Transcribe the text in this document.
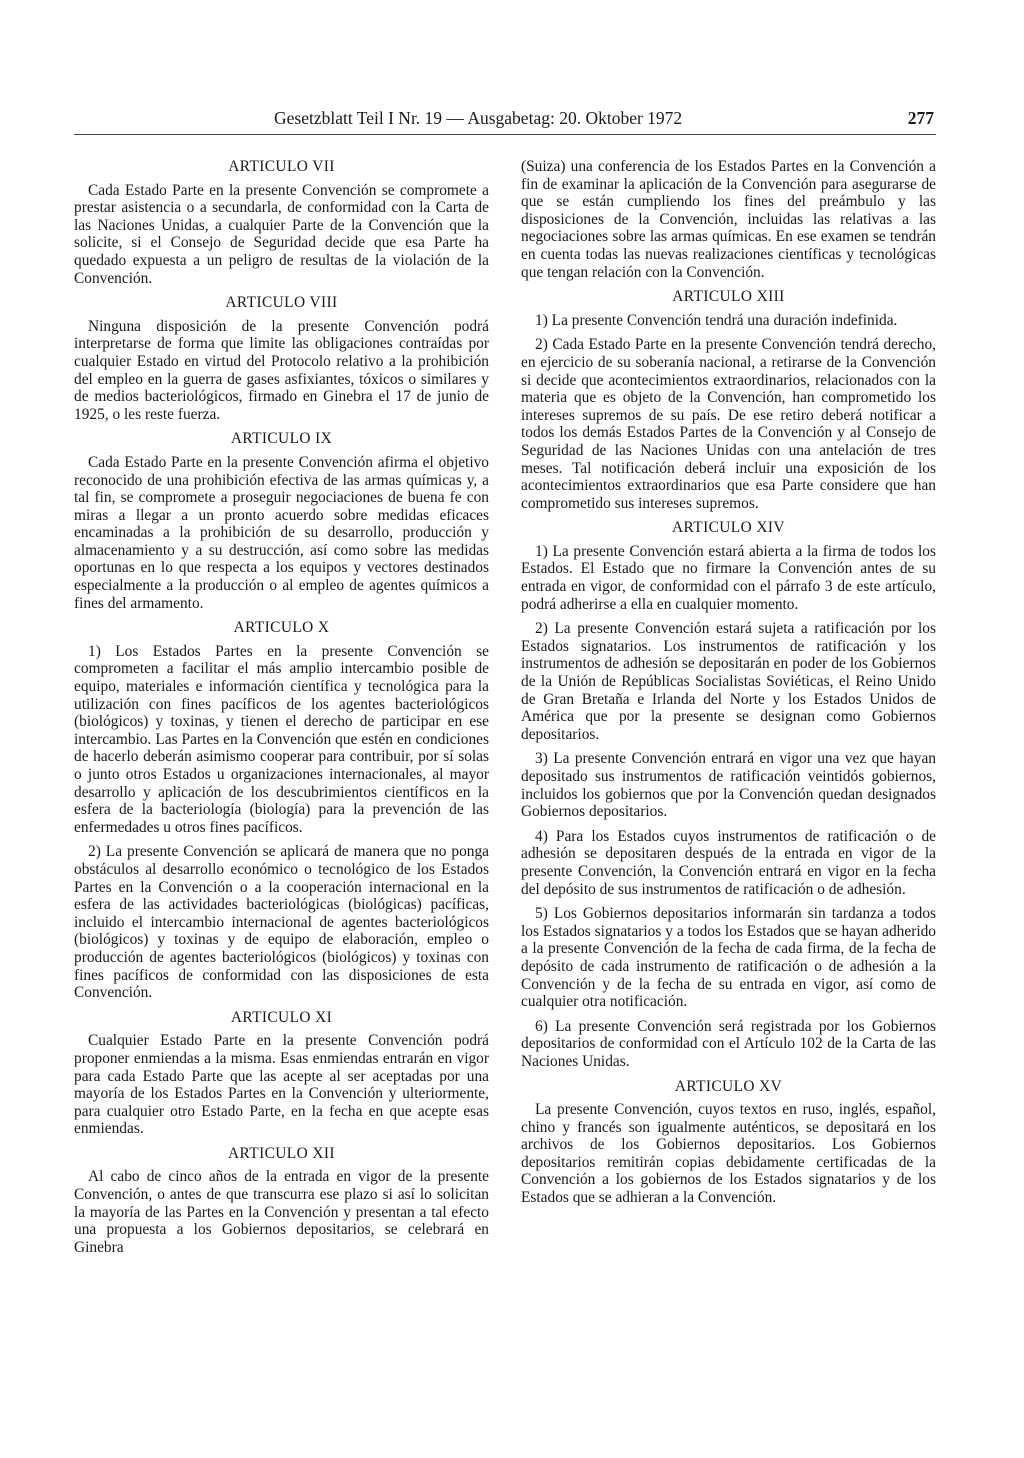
Gesetzblatt Teil I Nr. 19 — Ausgabetag: 20. Oktober 1972	277
ARTICULO VII
Cada Estado Parte en la presente Convención se compromete a prestar asistencia o a secundarla, de conformidad con la Carta de las Naciones Unidas, a cualquier Parte de la Convención que la solicite, si el Consejo de Seguridad decide que esa Parte ha quedado expuesta a un peligro de resultas de la violación de la Convención.
ARTICULO VIII
Ninguna disposición de la presente Convención podrá interpretarse de forma que limite las obligaciones contraídas por cualquier Estado en virtud del Protocolo relativo a la prohibición del empleo en la guerra de gases asfixiantes, tóxicos o similares y de medios bacteriológicos, firmado en Ginebra el 17 de junio de 1925, o les reste fuerza.
ARTICULO IX
Cada Estado Parte en la presente Convención afirma el objetivo reconocido de una prohibición efectiva de las armas químicas y, a tal fin, se compromete a proseguir negociaciones de buena fe con miras a llegar a un pronto acuerdo sobre medidas eficaces encaminadas a la prohibición de su desarrollo, producción y almacenamiento y a su destrucción, así como sobre las medidas oportunas en lo que respecta a los equipos y vectores destinados especialmente a la producción o al empleo de agentes químicos a fines del armamento.
ARTICULO X
1) Los Estados Partes en la presente Convención se comprometen a facilitar el más amplio intercambio posible de equipo, materiales e información científica y tecnológica para la utilización con fines pacíficos de los agentes bacteriológicos (biológicos) y toxinas, y tienen el derecho de participar en ese intercambio. Las Partes en la Convención que estén en condiciones de hacerlo deberán asimismo cooperar para contribuir, por sí solas o junto otros Estados u organizaciones internacionales, al mayor desarrollo y aplicación de los descubrimientos científicos en la esfera de la bacteriología (biología) para la prevención de las enfermedades u otros fines pacíficos.
2) La presente Convención se aplicará de manera que no ponga obstáculos al desarrollo económico o tecnológico de los Estados Partes en la Convención o a la cooperación internacional en la esfera de las actividades bacteriológicas (biológicas) pacíficas, incluido el intercambio internacional de agentes bacteriológicos (biológicos) y toxinas y de equipo de elaboración, empleo o producción de agentes bacteriológicos (biológicos) y toxinas con fines pacíficos de conformidad con las disposiciones de esta Convención.
ARTICULO XI
Cualquier Estado Parte en la presente Convención podrá proponer enmiendas a la misma. Esas enmiendas entrarán en vigor para cada Estado Parte que las acepte al ser aceptadas por una mayoría de los Estados Partes en la Convención y ulteriormente, para cualquier otro Estado Parte, en la fecha en que acepte esas enmiendas.
ARTICULO XII
Al cabo de cinco años de la entrada en vigor de la presente Convención, o antes de que transcurra ese plazo si así lo solicitan la mayoría de las Partes en la Convención y presentan a tal efecto una propuesta a los Gobiernos depositarios, se celebrará en Ginebra
(Suiza) una conferencia de los Estados Partes en la Convención a fin de examinar la aplicación de la Convención para asegurarse de que se están cumpliendo los fines del preámbulo y las disposiciones de la Convención, incluidas las relativas a las negociaciones sobre las armas químicas. En ese examen se tendrán en cuenta todas las nuevas realizaciones científicas y tecnológicas que tengan relación con la Convención.
ARTICULO XIII
1) La presente Convención tendrá una duración indefinida.
2) Cada Estado Parte en la presente Convención tendrá derecho, en ejercicio de su soberanía nacional, a retirarse de la Convención si decide que acontecimientos extraordinarios, relacionados con la materia que es objeto de la Convención, han comprometido los intereses supremos de su país. De ese retiro deberá notificar a todos los demás Estados Partes de la Convención y al Consejo de Seguridad de las Naciones Unidas con una antelación de tres meses. Tal notificación deberá incluir una exposición de los acontecimientos extraordinarios que esa Parte considere que han comprometido sus intereses supremos.
ARTICULO XIV
1) La presente Convención estará abierta a la firma de todos los Estados. El Estado que no firmare la Convención antes de su entrada en vigor, de conformidad con el párrafo 3 de este artículo, podrá adherirse a ella en cualquier momento.
2) La presente Convención estará sujeta a ratificación por los Estados signatarios. Los instrumentos de ratificación y los instrumentos de adhesión se depositarán en poder de los Gobiernos de la Unión de Repúblicas Socialistas Soviéticas, el Reino Unido de Gran Bretaña e Irlanda del Norte y los Estados Unidos de América que por la presente se designan como Gobiernos depositarios.
3) La presente Convención entrará en vigor una vez que hayan depositado sus instrumentos de ratificación veintidós gobiernos, incluidos los gobiernos que por la Convención quedan designados Gobiernos depositarios.
4) Para los Estados cuyos instrumentos de ratificación o de adhesión se depositaren después de la entrada en vigor de la presente Convención, la Convención entrará en vigor en la fecha del depósito de sus instrumentos de ratificación o de adhesión.
5) Los Gobiernos depositarios informarán sin tardanza a todos los Estados signatarios y a todos los Estados que se hayan adherido a la presente Convención de la fecha de cada firma, de la fecha de depósito de cada instrumento de ratificación o de adhesión a la Convención y de la fecha de su entrada en vigor, así como de cualquier otra notificación.
6) La presente Convención será registrada por los Gobiernos depositarios de conformidad con el Artículo 102 de la Carta de las Naciones Unidas.
ARTICULO XV
La presente Convención, cuyos textos en ruso, inglés, español, chino y francés son igualmente auténticos, se depositará en los archivos de los Gobiernos depositarios. Los Gobiernos depositarios remitirán copias debidamente certificadas de la Convención a los gobiernos de los Estados signatarios y de los Estados que se adhieran a la Convención.
